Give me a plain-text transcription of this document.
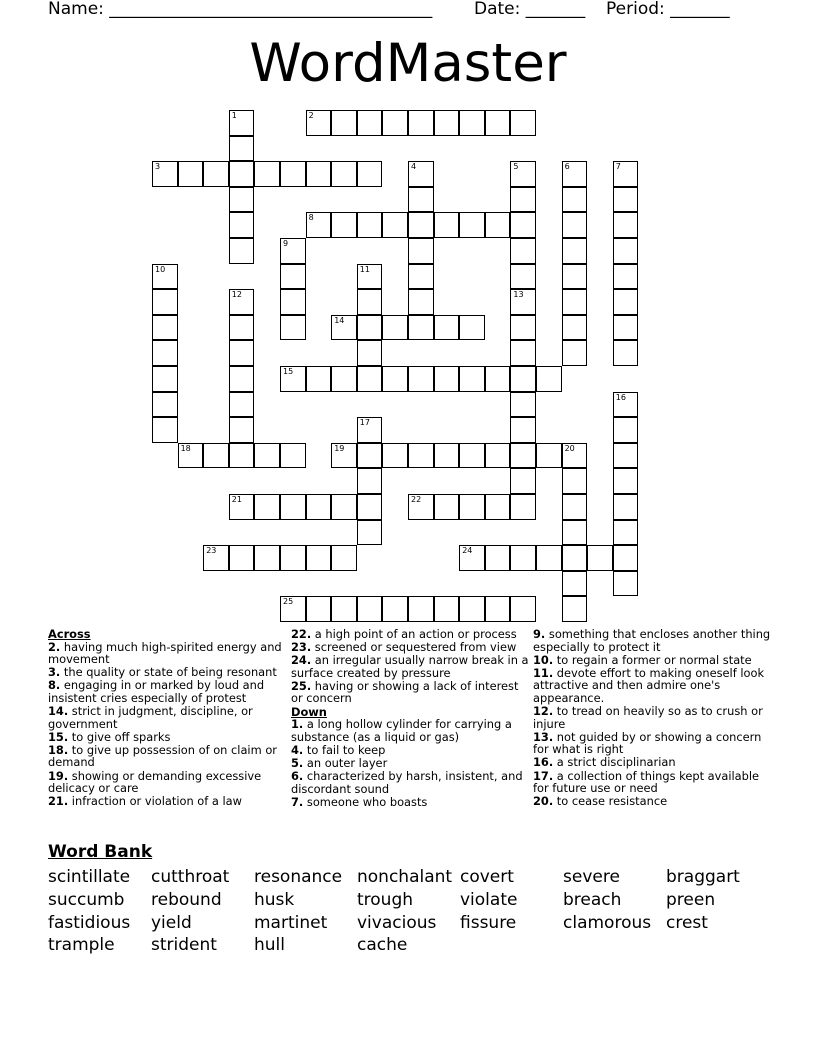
Name: ______________________________________ Date: _______ Period: _______
WordMaster
2
3
8
14
15
18	19	20
21	22
23	24
25
1
4	5
13
6	7
9
10	11
12
16
17
Across
2. having much high-spirited energy and movement
3. the quality or state of being resonant
8. engaging in or marked by loud and insistent cries especially of protest
14. strict in judgment, discipline, or government
15. to give off sparks
18. to give up possession of on claim or demand
19. showing or demanding excessive delicacy or care
21. infraction or violation of a law
22. a high point of an action or process
23. screened or sequestered from view
24. an irregular usually narrow break in a surface created by pressure
25. having or showing a lack of interest or concern
Down
1. a long hollow cylinder for carrying a substance (as a liquid or gas)
4. to fail to keep
5. an outer layer
6. characterized by harsh, insistent, and discordant sound
7. someone who boasts
9. something that encloses another thing especially to protect it
10. to regain a former or normal state
11. devote effort to making oneself look attractive and then admire one's appearance.
12. to tread on heavily so as to crush or injure
13. not guided by or showing a concern for what is right
16. a strict disciplinarian
17. a collection of things kept available for future use or need
20. to cease resistance
Word Bank
scintillate cutthroat resonance nonchalant covert	severe	braggart
succumb rebound husk	trough	violate	breach	preen
fastidious yield	martinet vivacious fissure	clamorous crest
trample strident hull	cache
